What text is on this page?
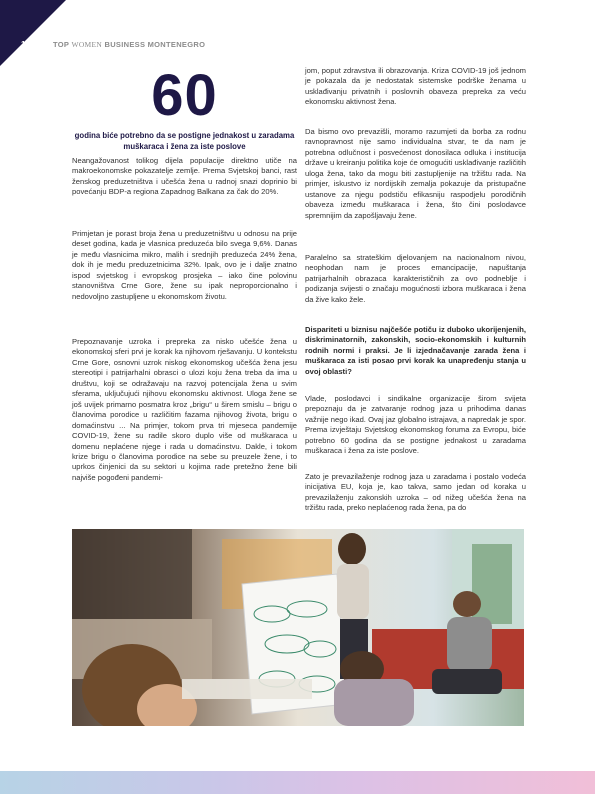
14	TOP WOMEN BUSINESS MONTENEGRO
60
godina biće potrebno da se postigne jednakost u zaradama muškaraca i žena za iste poslove

Neangažovanost tolikog dijela populacije direktno utiče na makroekonomske pokazatelje zemlje. Prema Svjetskoj banci, rast ženskog preduzetništva i učešća žena u radnoj snazi doprinio bi povećanju BDP-a regiona Zapadnog Balkana za čak do 20%.

Primjetan je porast broja žena u preduzetništvu u odnosu na prije deset godina, kada je vlasnica preduzeća bilo svega 9,6%. Danas je među vlasnicima mikro, malih i srednjih preduzeća 24% žena, dok ih je među preduzetnicima 32%. Ipak, ovo je i dalje znatno ispod svjetskog i evropskog prosjeka – iako čine polovinu stanovništva Crne Gore, žene su ipak neproporcionalno i nedovoljno zastupljene u ekonomskom životu.

Prepoznavanje uzroka i prepreka za nisko učešće žena u ekonomskoj sferi prvi je korak ka njihovom rješavanju. U kontekstu Crne Gore, osnovni uzrok niskog ekonomskog učešća žena jesu stereotipi i patrijarhalni obrasci o ulozi koju žena treba da ima u društvu, koji se odražavaju na razvoj potencijala žena u svim sferama, uključujući njihovu ekonomsku aktivnost. Uloga žene se još uvijek primarno posmatra kroz „brigu“ u širem smislu – brigu o članovima porodice u različitim fazama njihovog života, brigu o domaćinstvu ... Na primjer, tokom prva tri mjeseca pandemije COVID-19, žene su radile skoro duplo više od muškaraca u domenu neplaćene njege i rada u domaćinstvu. Dakle, i tokom krize brigu o članovima porodice na sebe su preuzele žene, i to uprkos činjenici da su sektori u kojima rade pretežno žene bili najviše pogođeni pandemi-

jom, poput zdravstva ili obrazovanja. Kriza COVID-19 još jednom je pokazala da je nedostatak sistemske podrške ženama u usklađivanju privatnih i poslovnih obaveza prepreka za veću ekonomsku aktivnost žena.

Da bismo ovo prevazišli, moramo razumjeti da borba za rodnu ravnopravnost nije samo individualna stvar, te da nam je potrebna odlučnost i posvećenost donosilaca odluka i institucija države u kreiranju politika koje će omogućiti usklađivanje različitih uloga žena, tako da mogu biti zastupljenije na tržištu rada. Na primjer, iskustvo iz nordijskih zemalja pokazuje da pristupačne ustanove za njegu podstiču efikasniju raspodjelu porodičnih obaveza između muškaraca i žena, što čini poslodavce spremnijim da zapošljavaju žene.

Paralelno sa strateškim djelovanjem na nacionalnom nivou, neophodan nam je proces emancipacije, napuštanja patrijarhalnih obrazaca karakterističnih za ovo podneblje i podizanja svijesti o značaju mogućnosti izbora muškaraca i žena da žive kako žele.

Dispariteti u biznisu najčešće potiču iz duboko ukorijenjenih, diskriminatornih, zakonskih, socio-ekonomskih i kulturnih rodnih normi i praksi. Je li izjednačavanje zarada žena i muškaraca za isti posao prvi korak ka unapređenju stanja u ovoj oblasti?

Vlade, poslodavci i sindikalne organizacije širom svijeta prepoznaju da je zatvaranje rodnog jaza u prihodima danas važnije nego ikad. Ovaj jaz globalno istrajava, a napredak je spor. Prema izvještaju Svjetskog ekonomskog foruma za Evropu, biće potrebno 60 godina da se postigne jednakost u zaradama muškaraca i žena za iste poslove.

Zato je prevazilaženje rodnog jaza u zaradama i postalo vodeća inicijativa EU, koja je, kao takva, samo jedan od koraka u prevazilaženju zakonskih uzroka – od nižeg učešća žena na tržištu rada, preko neplaćenog rada žena, pa do
